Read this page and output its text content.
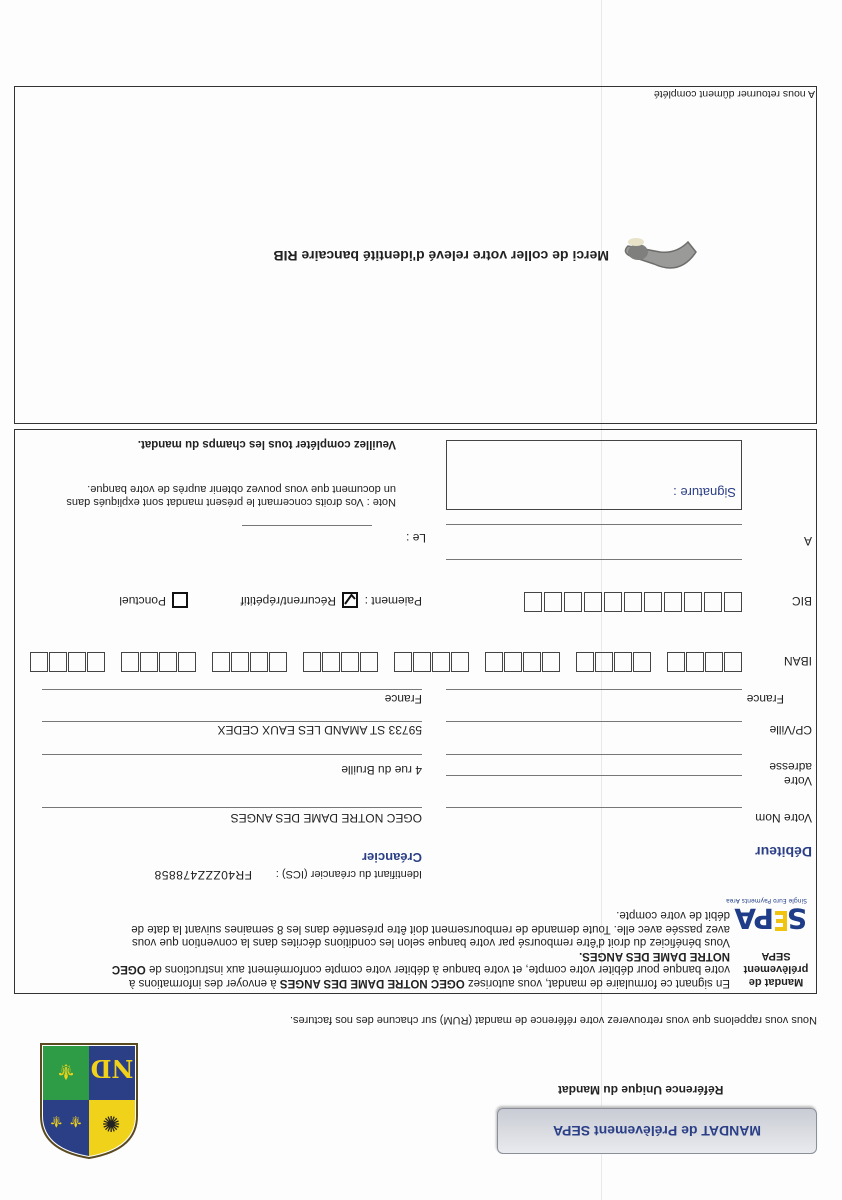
MANDAT de Prélèvement SEPA
Référence Unique du Mandat
ND
⚜
⚜ ⚜ ✺
Nous vous rappelons que vous retrouverez votre référence de mandat (RUM) sur chacune des nos factures.
Mandat de
prélèvement
SEPA
En signant ce formulaire de mandat, vous autorisez OGEC NOTRE DAME DES ANGES à envoyer des informations à votre banque pour débiter votre compte, et votre banque à débiter votre compte conformément aux instructions de OGEC NOTRE DAME DES ANGES.
Vous bénéficiez du droit d'être remboursé par votre banque selon les conditions décrites dans la convention que vous avez passée avec elle. Toute demande de remboursement doit être présentée dans les 8 semaines suivant la date de débit de votre compte. S
PA
Single Euro Payments Area
Identifiant du créancier (ICS) :
FR40ZZZ478858
Débiteur
Créancier
Votre Nom
OGEC NOTRE DAME DES ANGES
Votre
adresse
4 rue du Bruille
CP/Ville
59733 ST AMAND LES EAUX CEDEX
France
France
IBAN
BIC
Paiement :
Récurrent/répétitif
Ponctuel
A
Le :
Signature :
Note : Vos droits concernant le présent mandat sont expliqués dans un document que vous pouvez obtenir auprès de votre banque.
Veuillez compléter tous les champs du mandat.
Merci de coller votre relevé d'identité bancaire RIB
A nous retourner dûment complété
